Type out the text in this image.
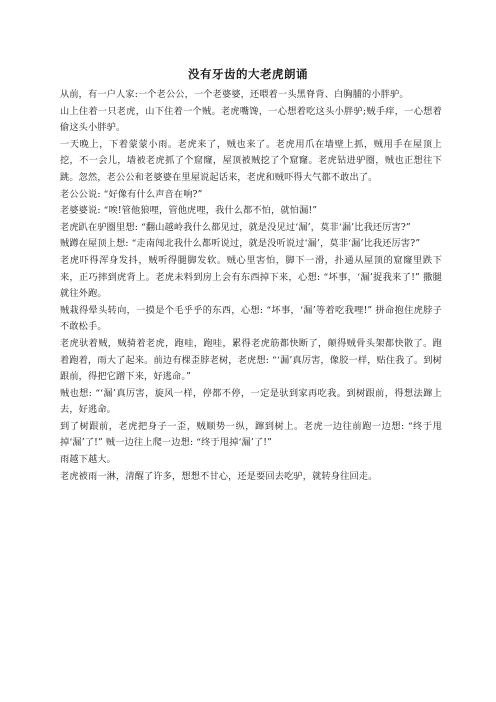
没有牙齿的大老虎朗诵

从前，有一户人家:一个老公公，一个老婆婆，还喂着一头黑脊背、白胸脯的小胖驴。

山上住着一只老虎，山下住着一个贼。老虎嘴馋，一心想着吃这头小胖驴;贼手痒，一心想着偷这头小胖驴。

一天晚上，下着蒙蒙小雨。老虎来了，贼也来了。老虎用爪在墙壁上抓，贼用手在屋顶上挖，不一会儿，墙被老虎抓了个窟窿，屋顶被贼挖了个窟窿。老虎钻进驴圈，贼也正想往下跳。忽然，老公公和老婆婆在里屋说起话来，老虎和贼吓得大气都不敢出了。

老公公说: “好像有什么声音在响?”

老婆婆说: “唉!管他狼哩，管他虎哩，我什么都不怕，就怕漏!”

老虎趴在驴圈里想: “翻山越岭我什么都见过，就是没见过‘漏’，莫非‘漏’比我还厉害?”

贼蹲在屋顶上想: “走南闯北我什么都听说过，就是没听说过‘漏’，莫非‘漏’比我还厉害?”

老虎吓得浑身发抖，贼听得腿脚发软。贼心里害怕，脚下一滑，扑通从屋顶的窟窿里跌下来，正巧摔到虎背上。老虎未料到房上会有东西掉下来，心想: “坏事，‘漏’捉我来了!” 撒腿就往外跑。

贼栽得晕头转向，一摸是个毛乎乎的东西，心想: “坏事，‘漏’等着吃我哩!” 拼命抱住虎脖子不敢松手。

老虎驮着贼，贼骑着老虎，跑哇，跑哇，累得老虎筋都快断了，颠得贼骨头架都快散了。跑着跑着，雨大了起来。前边有棵歪脖老树，老虎想: “‘漏’真厉害，像胶一样，贴住我了。到树跟前，得把它蹭下来，好逃命。”

贼也想: “‘漏’真厉害，旋风一样，停都不停，一定是驮到家再吃我。到树跟前，得想法蹿上去，好逃命。

到了树跟前，老虎把身子一歪，贼顺势一纵，蹿到树上。老虎一边往前跑一边想: “终于甩掉‘漏’了!” 贼一边往上爬一边想: “终于甩掉‘漏’了!”

雨越下越大。

老虎被雨一淋，清醒了许多，想想不甘心，还是要回去吃驴，就转身往回走。
